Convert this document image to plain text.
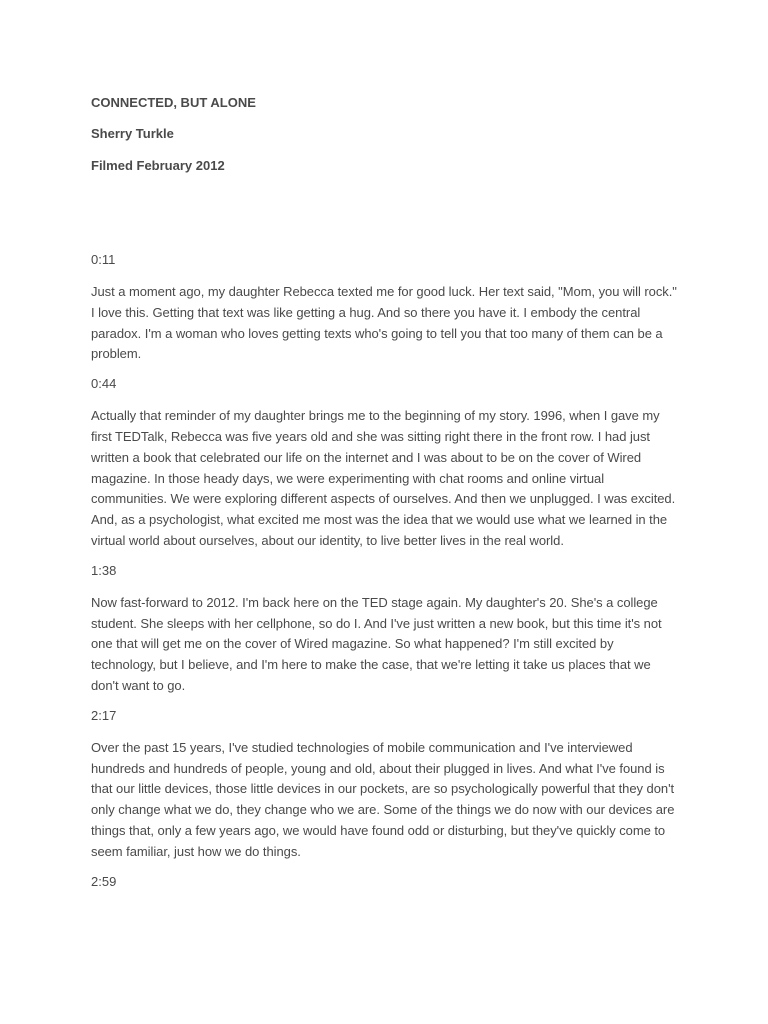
CONNECTED, BUT ALONE

Sherry Turkle

Filmed February 2012

0:11

Just a moment ago, my daughter Rebecca texted me for good luck. Her text said, "Mom, you will rock." I love this. Getting that text was like getting a hug. And so there you have it. I embody the central paradox. I'm a woman who loves getting texts who's going to tell you that too many of them can be a problem.

0:44

Actually that reminder of my daughter brings me to the beginning of my story. 1996, when I gave my first TEDTalk, Rebecca was five years old and she was sitting right there in the front row. I had just written a book that celebrated our life on the internet and I was about to be on the cover of Wired magazine. In those heady days, we were experimenting with chat rooms and online virtual communities. We were exploring different aspects of ourselves. And then we unplugged. I was excited. And, as a psychologist, what excited me most was the idea that we would use what we learned in the virtual world about ourselves, about our identity, to live better lives in the real world.

1:38

Now fast-forward to 2012. I'm back here on the TED stage again. My daughter's 20. She's a college student. She sleeps with her cellphone, so do I. And I've just written a new book, but this time it's not one that will get me on the cover of Wired magazine. So what happened? I'm still excited by technology, but I believe, and I'm here to make the case, that we're letting it take us places that we don't want to go.

2:17

Over the past 15 years, I've studied technologies of mobile communication and I've interviewed hundreds and hundreds of people, young and old, about their plugged in lives. And what I've found is that our little devices, those little devices in our pockets, are so psychologically powerful that they don't only change what we do, they change who we are. Some of the things we do now with our devices are things that, only a few years ago, we would have found odd or disturbing, but they've quickly come to seem familiar, just how we do things.

2:59
